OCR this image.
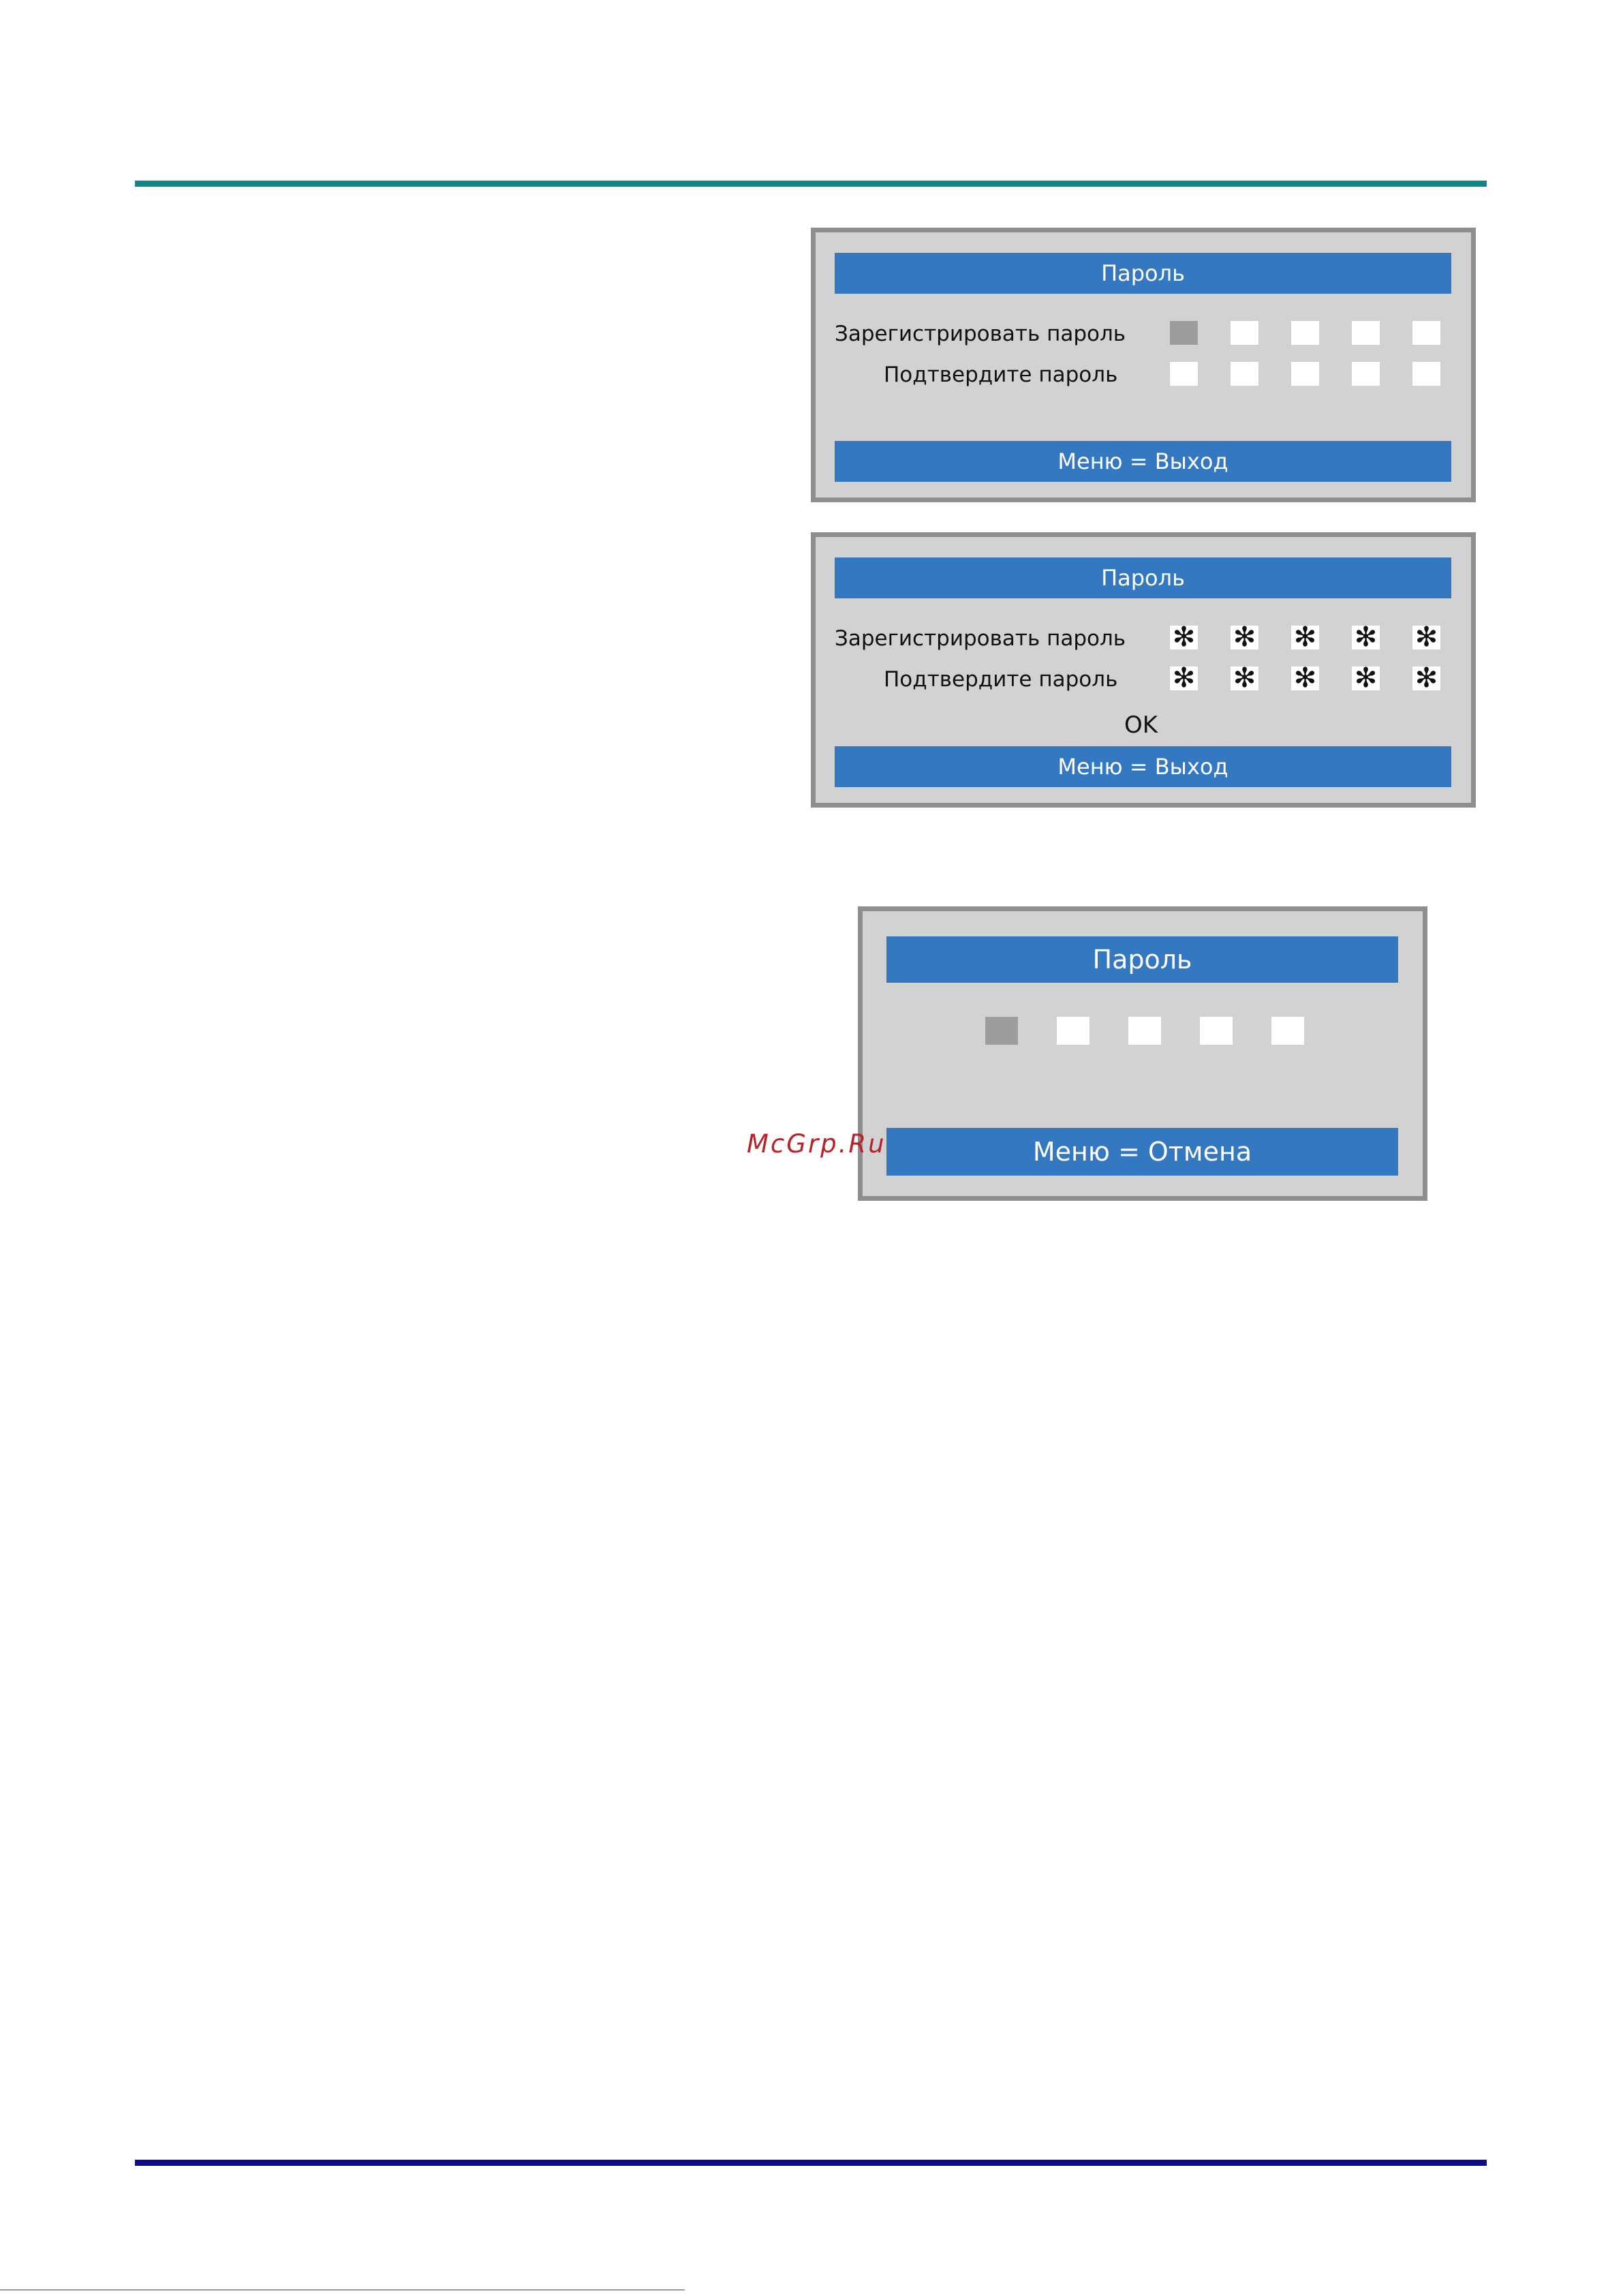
Пароль
Зарегистрировать пароль
Подтвердите пароль
Меню = Выход
Пароль
Зарегистрировать пароль ✻ ✻ ✻ ✻ ✻
Подтвердите пароль ✻ ✻ ✻ ✻ ✻
OK
Меню = Выход
Пароль
Меню = Отмена
McGrp.Ru
